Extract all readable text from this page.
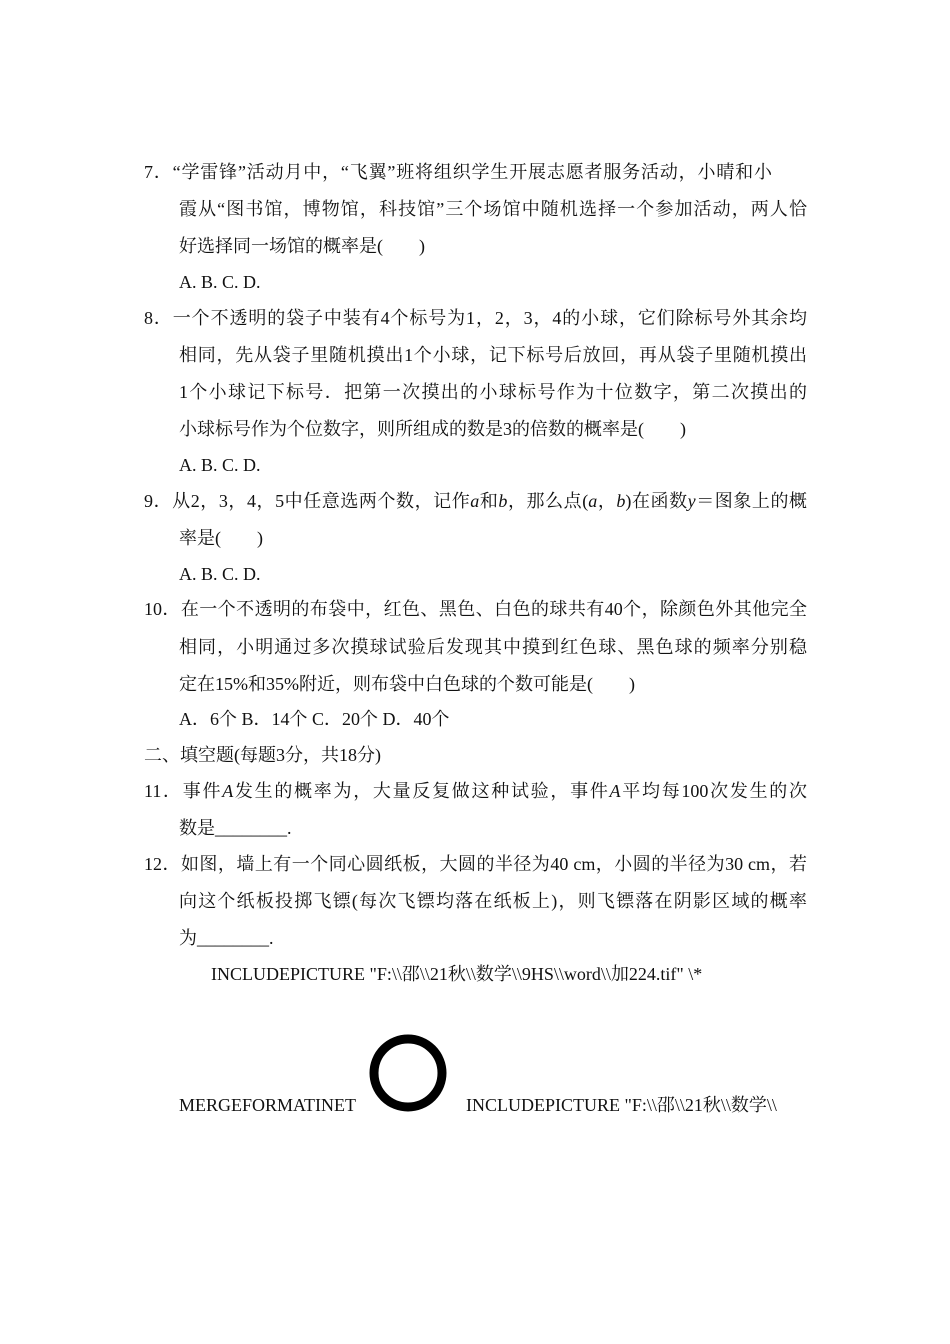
7．“学雷锋”活动月中，“飞翼”班将组织学生开展志愿者服务活动，小晴和小
霞从“图书馆，博物馆，科技馆”三个场馆中随机选择一个参加活动，两人恰
好选择同一场馆的概率是(　　)
A. B. C. D.
8．一个不透明的袋子中装有4个标号为1，2，3，4的小球，它们除标号外其余均
相同，先从袋子里随机摸出1个小球，记下标号后放回，再从袋子里随机摸出
1个小球记下标号．把第一次摸出的小球标号作为十位数字，第二次摸出的
小球标号作为个位数字，则所组成的数是3的倍数的概率是(　　)
A. B. C. D.
9．从2，3，4，5中任意选两个数，记作a和b，那么点(a，b)在函数y＝图象上的概
率是(　　)
A. B. C. D.
10．在一个不透明的布袋中，红色、黑色、白色的球共有40个，除颜色外其他完全
相同，小明通过多次摸球试验后发现其中摸到红色球、黑色球的频率分别稳
定在15%和35%附近，则布袋中白色球的个数可能是(　　)
A．6个 B．14个 C．20个 D．40个
二、填空题(每题3分，共18分)
11．事件A发生的概率为，大量反复做这种试验，事件A平均每100次发生的次
数是________.
12．如图，墙上有一个同心圆纸板，大圆的半径为40 cm，小圆的半径为30 cm，若
向这个纸板投掷飞镖(每次飞镖均落在纸板上)，则飞镖落在阴影区域的概率
为________.
INCLUDEPICTURE "F:\\邵\\21秋\\数学\\9HS\\word\\加224.tif" \*
MERGEFORMATINET	INCLUDEPICTURE "F:\\邵\\21秋\\数学\\
